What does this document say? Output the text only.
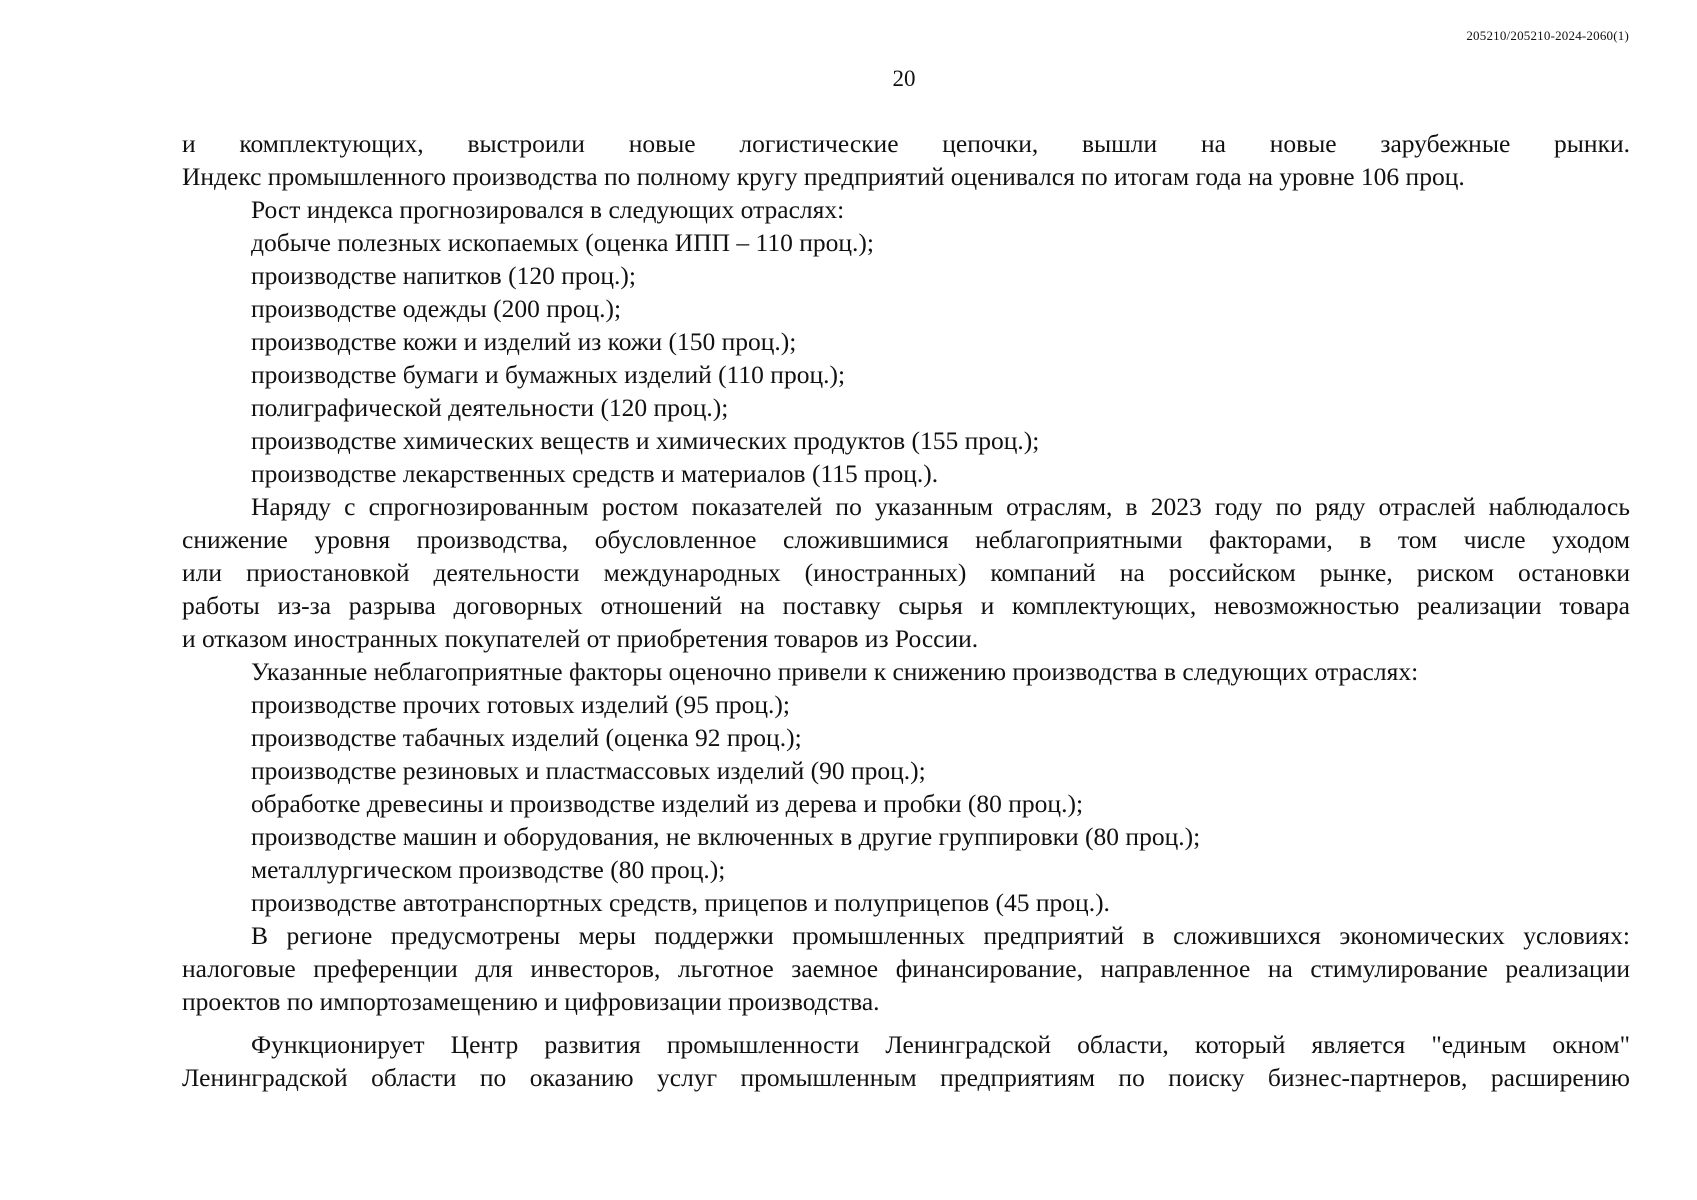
205210/205210-2024-2060(1)
20
и комплектующих, выстроили новые логистические цепочки, вышли на новые зарубежные рынки.
Индекс промышленного производства по полному кругу предприятий оценивался по итогам года на уровне 106 проц.
Рост индекса прогнозировался в следующих отраслях:
добыче полезных ископаемых (оценка ИПП – 110 проц.);
производстве напитков (120 проц.);
производстве одежды (200 проц.);
производстве кожи и изделий из кожи (150 проц.);
производстве бумаги и бумажных изделий (110 проц.);
полиграфической деятельности (120 проц.);
производстве химических веществ и химических продуктов (155 проц.);
производстве лекарственных средств и материалов (115 проц.).
Наряду с спрогнозированным ростом показателей по указанным отраслям, в 2023 году по ряду отраслей наблюдалось
снижение уровня производства, обусловленное сложившимися неблагоприятными факторами, в том числе уходом
или приостановкой деятельности международных (иностранных) компаний на российском рынке, риском остановки
работы из-за разрыва договорных отношений на поставку сырья и комплектующих, невозможностью реализации товара
и отказом иностранных покупателей от приобретения товаров из России.
Указанные неблагоприятные факторы оценочно привели к снижению производства в следующих отраслях:
производстве прочих готовых изделий (95 проц.);
производстве табачных изделий (оценка 92 проц.);
производстве резиновых и пластмассовых изделий (90 проц.);
обработке древесины и производстве изделий из дерева и пробки (80 проц.);
производстве машин и оборудования, не включенных в другие группировки (80 проц.);
металлургическом производстве (80 проц.);
производстве автотранспортных средств, прицепов и полуприцепов (45 проц.).
В регионе предусмотрены меры поддержки промышленных предприятий в сложившихся экономических условиях:
налоговые преференции для инвесторов, льготное заемное финансирование, направленное на стимулирование реализации
проектов по импортозамещению и цифровизации производства.
Функционирует Центр развития промышленности Ленинградской области, который является "единым окном"
Ленинградской области по оказанию услуг промышленным предприятиям по поиску бизнес-партнеров, расширению
